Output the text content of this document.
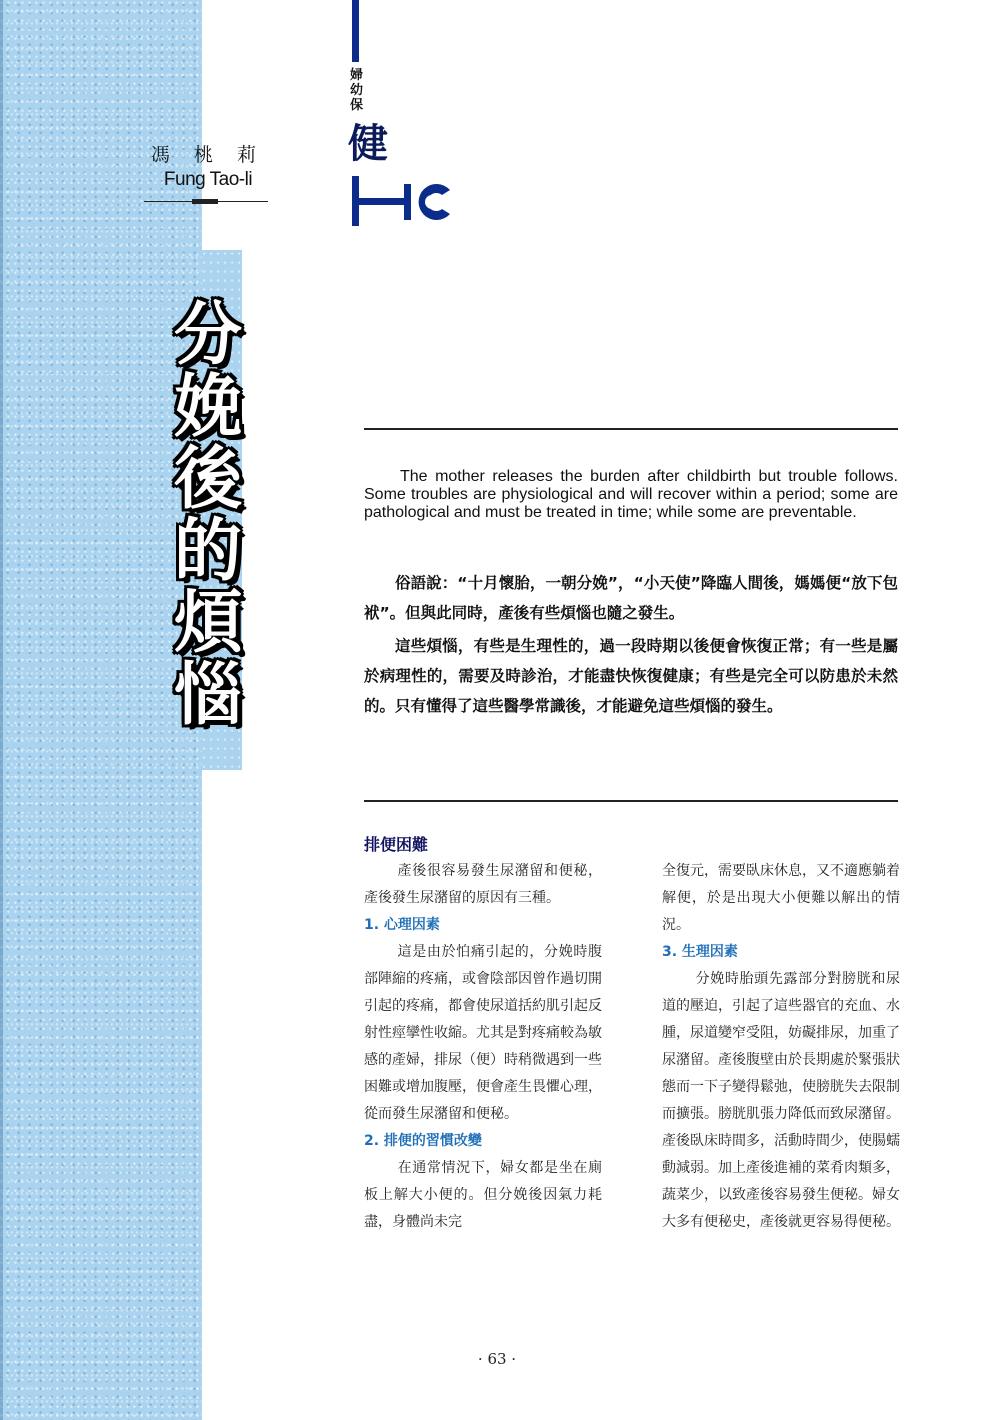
馮 桃 莉
Fung Tao-li
婦幼保
健
分
娩
後
的
煩
惱
The mother releases the burden after childbirth but trouble follows. Some troubles are physiological and will recover within a period; some are pathological and must be treated in time; while some are preventable.

俗語說：“十月懷胎，一朝分娩”，“小天使”降臨人間後，媽媽便“放下包袱”。但與此同時，產後有些煩惱也隨之發生。

這些煩惱，有些是生理性的，過一段時期以後便會恢復正常；有一些是屬於病理性的，需要及時診治，才能盡快恢復健康；有些是完全可以防患於未然的。只有懂得了這些醫學常識後，才能避免這些煩惱的發生。

排便困難

產後很容易發生尿潴留和便秘，產後發生尿潴留的原因有三種。

1. 心理因素

這是由於怕痛引起的，分娩時腹部陣縮的疼痛，或會陰部因曾作過切開引起的疼痛，都會使尿道括約肌引起反射性痙攣性收縮。尤其是對疼痛較為敏感的產婦，排尿（便）時稍微遇到一些困難或增加腹壓，便會產生畏懼心理，從而發生尿潴留和便秘。

2. 排便的習慣改變

在通常情況下，婦女都是坐在廁板上解大小便的。但分娩後因氣力耗盡，身體尚未完

全復元，需要臥床休息，又不適應躺着解便，於是出現大小便難以解出的情況。

3. 生理因素

分娩時胎頭先露部分對膀胱和尿道的壓迫，引起了這些器官的充血、水腫，尿道變窄受阻，妨礙排尿，加重了尿潴留。產後腹壁由於長期處於緊張狀態而一下子變得鬆弛，使膀胱失去限制而擴張。膀胱肌張力降低而致尿潴留。產後臥床時間多，活動時間少，使腸蠕動減弱。加上產後進補的菜肴肉類多，蔬菜少，以致產後容易發生便秘。婦女大多有便秘史，產後就更容易得便秘。

· 63 ·
